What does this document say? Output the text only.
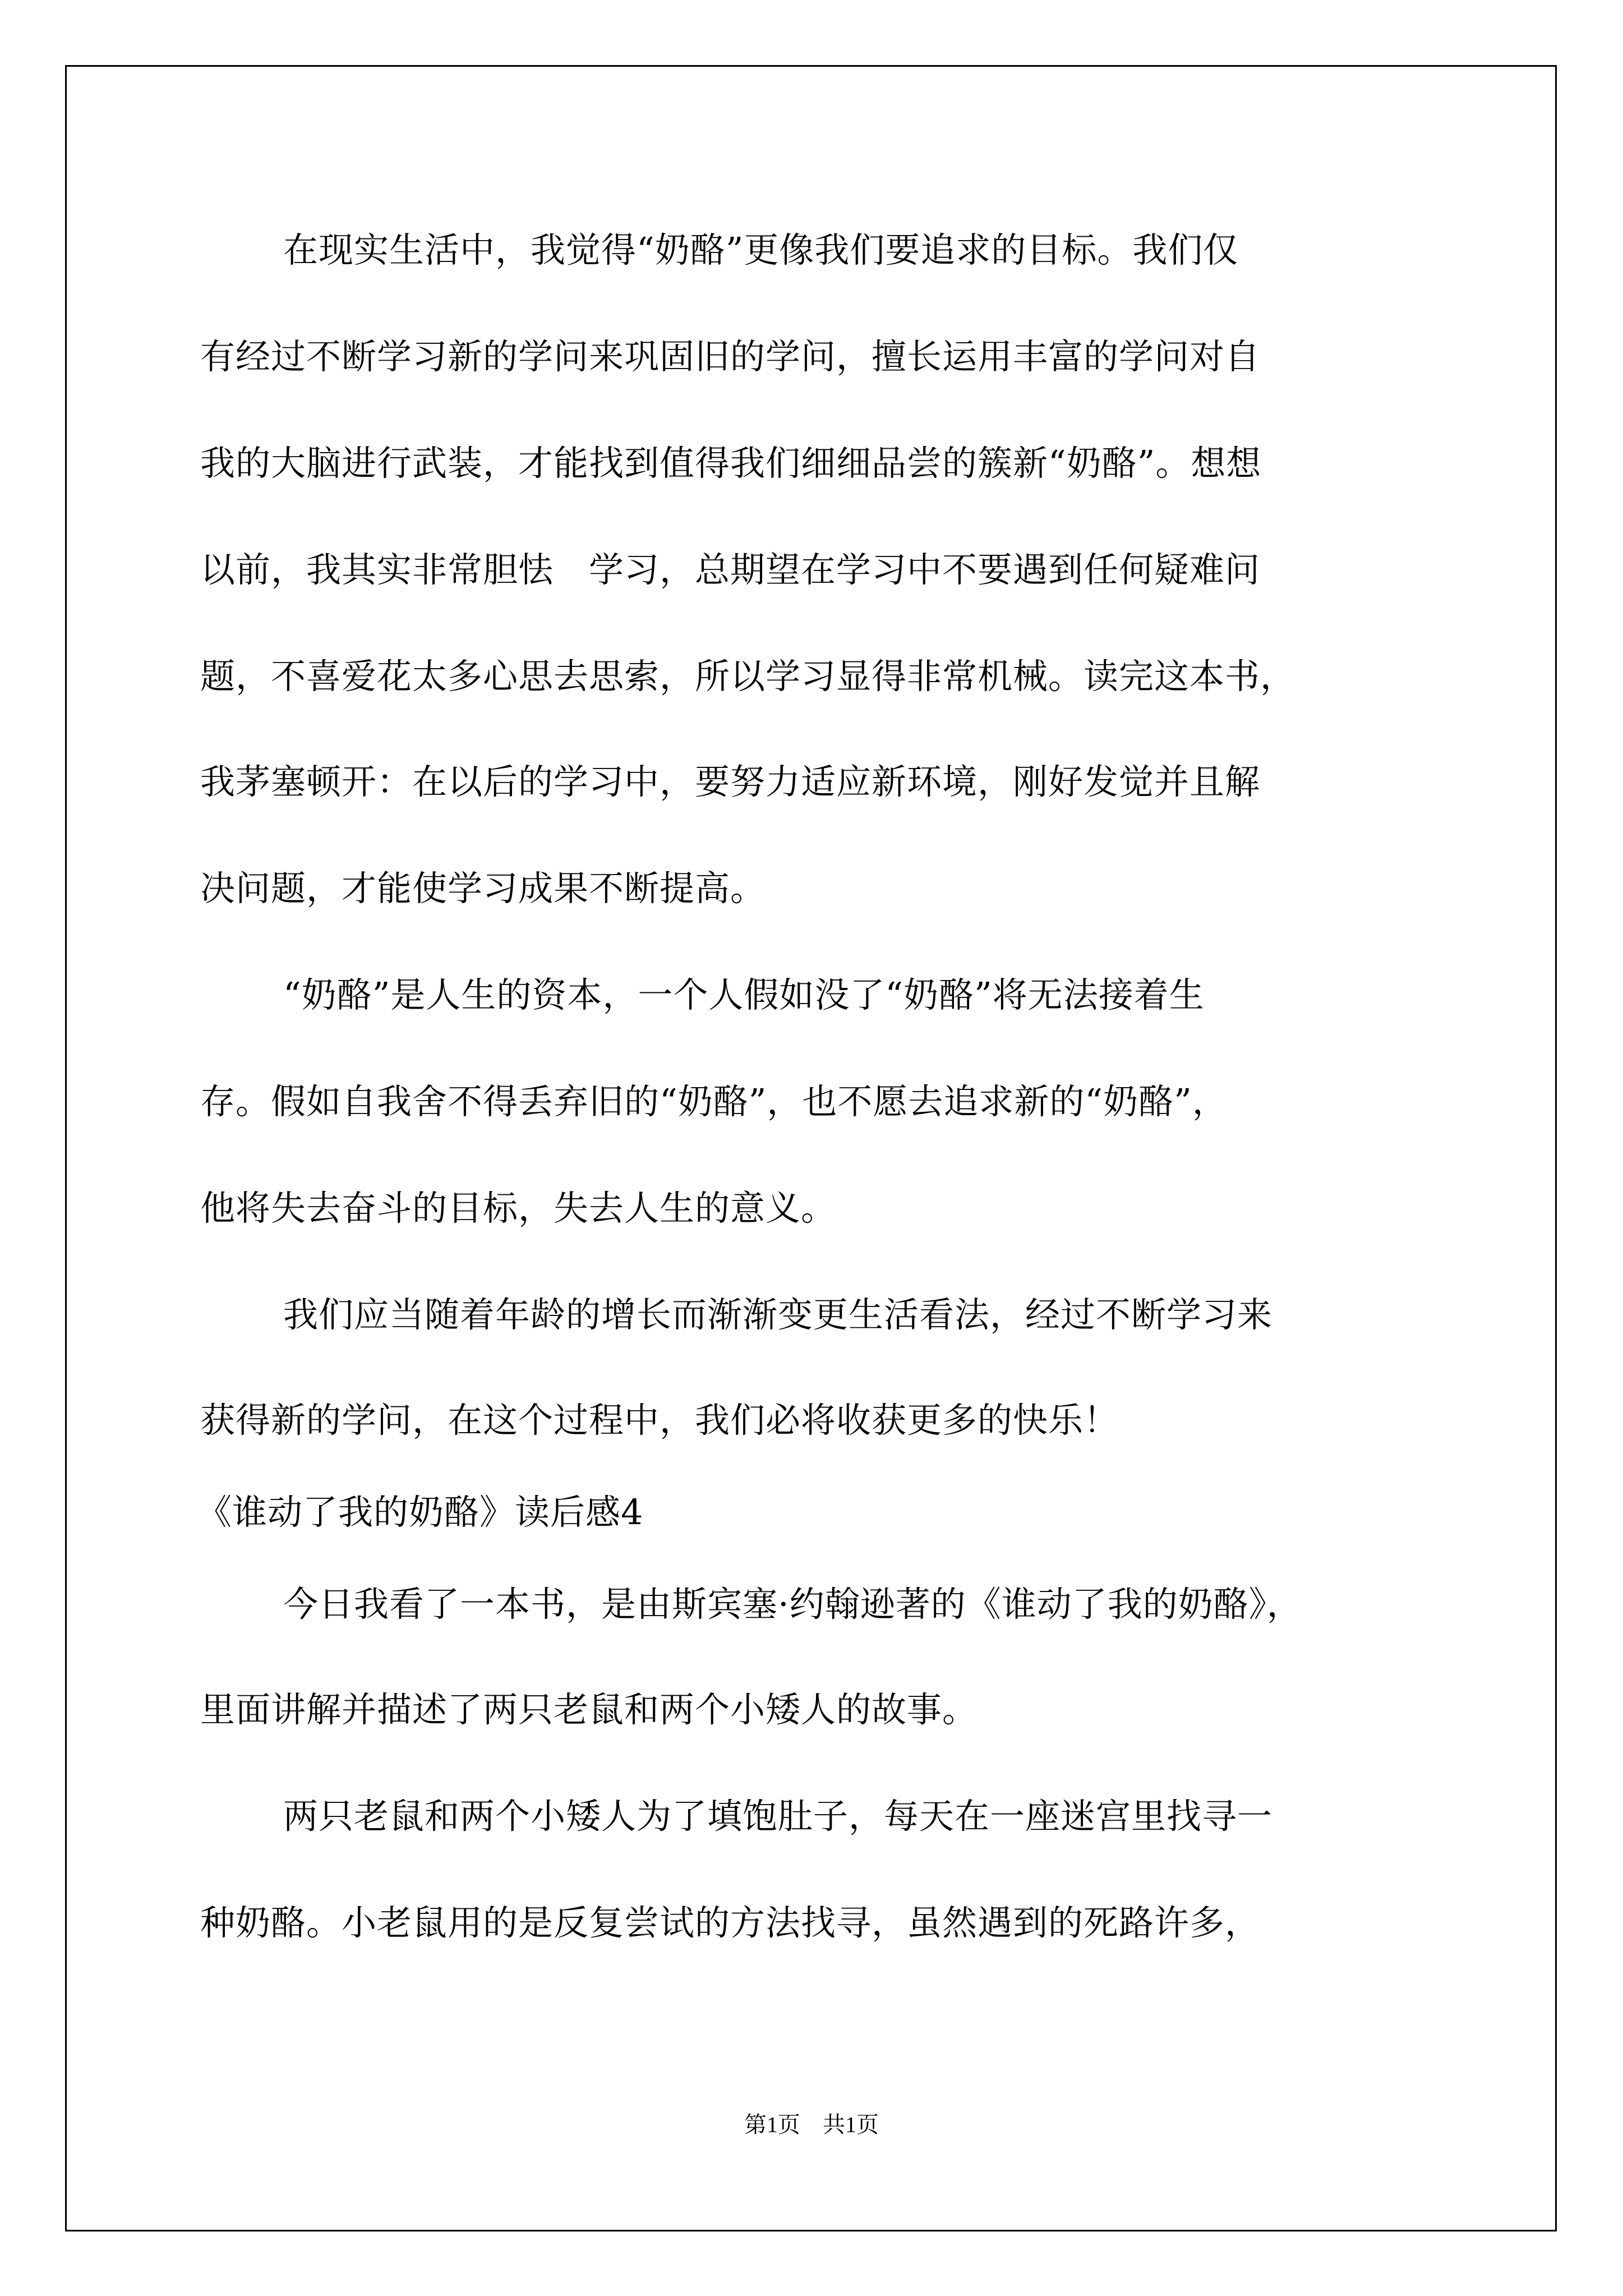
在现实生活中，我觉得“奶酪”更像我们要追求的目标。我们仅
有经过不断学习新的学问来巩固旧的学问，擅长运用丰富的学问对自
我的大脑进行武装，才能找到值得我们细细品尝的簇新“奶酪”。想想
以前，我其实非常胆怯　学习，总期望在学习中不要遇到任何疑难问
题，不喜爱花太多心思去思索，所以学习显得非常机械。读完这本书，
我茅塞顿开：在以后的学习中，要努力适应新环境，刚好发觉并且解
决问题，才能使学习成果不断提高。
“奶酪”是人生的资本，一个人假如没了“奶酪”将无法接着生
存。假如自我舍不得丢弃旧的“奶酪”，也不愿去追求新的“奶酪”，
他将失去奋斗的目标，失去人生的意义。
我们应当随着年龄的增长而渐渐变更生活看法，经过不断学习来
获得新的学问，在这个过程中，我们必将收获更多的快乐！
《谁动了我的奶酪》读后感4
今日我看了一本书，是由斯宾塞·约翰逊著的《谁动了我的奶酪》，
里面讲解并描述了两只老鼠和两个小矮人的故事。
两只老鼠和两个小矮人为了填饱肚子，每天在一座迷宫里找寻一
种奶酪。小老鼠用的是反复尝试的方法找寻，虽然遇到的死路许多，
第1页　共1页
